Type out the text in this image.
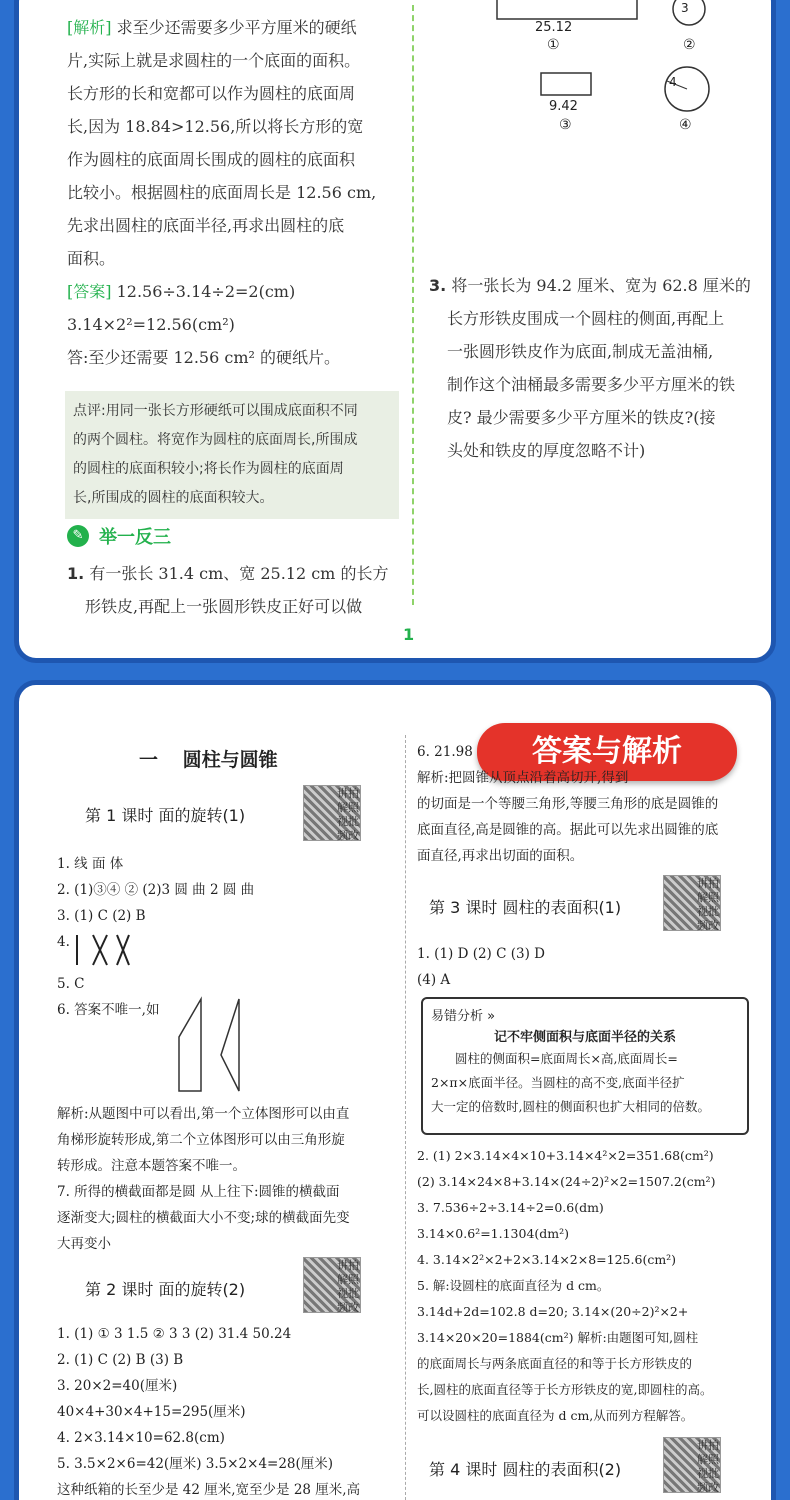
[解析] 求至少还需要多少平方厘米的硬纸
片,实际上就是求圆柱的一个底面的面积。
长方形的长和宽都可以作为圆柱的底面周
长,因为 18.84>12.56,所以将长方形的宽
作为圆柱的底面周长围成的圆柱的底面积
比较小。根据圆柱的底面周长是 12.56 cm,
先求出圆柱的底面半径,再求出圆柱的底
面积。
[答案] 12.56÷3.14÷2=2(cm)
3.14×2²=12.56(cm²)
答:至少还需要 12.56 cm² 的硬纸片。
点评:用同一张长方形硬纸可以围成底面积不同
的两个圆柱。将宽作为圆柱的底面周长,所围成
的圆柱的底面积较小;将长作为圆柱的底面周
长,所围成的圆柱的底面积较大。
✎ 举一反三
1. 有一张长 31.4 cm、宽 25.12 cm 的长方
形铁皮,再配上一张圆形铁皮正好可以做
25.12
①
3
②
9.42
③
4
④
3. 将一张长为 94.2 厘米、宽为 62.8 厘米的
长方形铁皮围成一个圆柱的侧面,再配上
一张圆形铁皮作为底面,制成无盖油桶,
制作这个油桶最多需要多少平方厘米的铁
皮? 最少需要多少平方厘米的铁皮?(接
头处和铁皮的厚度忽略不计)
1
答案与解析
一 圆柱与圆锥
第 1 课时 面的旋转(1)
讲拍解照视批频改
1. 线 面 体
2. (1)③④ ② (2)3 圆 曲 2 圆 曲
3. (1) C (2) B
4.
5. C
6. 答案不唯一,如
解析:从题图中可以看出,第一个立体图形可以由直
角梯形旋转形成,第二个立体图形可以由三角形旋
转形成。注意本题答案不唯一。
7. 所得的横截面都是圆 从上往下:圆锥的横截面
逐渐变大;圆柱的横截面大小不变;球的横截面先变
大再变小
第 2 课时 面的旋转(2)
讲拍解照视批频改
1. (1) ① 3 1.5 ② 3 3 (2) 31.4 50.24
2. (1) C (2) B (3) B
3. 20×2=40(厘米)
40×4+30×4+15=295(厘米)
4. 2×3.14×10=62.8(cm)
5. 3.5×2×6=42(厘米) 3.5×2×4=28(厘米)
这种纸箱的长至少是 42 厘米,宽至少是 28 厘米,高
6. 21.98
解析:把圆锥从顶点沿着高切开,得到
的切面是一个等腰三角形,等腰三角形的底是圆锥的
底面直径,高是圆锥的高。据此可以先求出圆锥的底
面直径,再求出切面的面积。
第 3 课时 圆柱的表面积(1)
讲拍解照视批频改
1. (1) D (2) C (3) D
(4) A
易错分析 »
记不牢侧面积与底面半径的关系
圆柱的侧面积=底面周长×高,底面周长=
2×π×底面半径。当圆柱的高不变,底面半径扩
大一定的倍数时,圆柱的侧面积也扩大相同的倍数。
2. (1) 2×3.14×4×10+3.14×4²×2=351.68(cm²)
(2) 3.14×24×8+3.14×(24÷2)²×2=1507.2(cm²)
3. 7.536÷2÷3.14÷2=0.6(dm)
3.14×0.6²=1.1304(dm²)
4. 3.14×2²×2+2×3.14×2×8=125.6(cm²)
5. 解:设圆柱的底面直径为 d cm。
3.14d+2d=102.8 d=20; 3.14×(20÷2)²×2+
3.14×20×20=1884(cm²) 解析:由题图可知,圆柱
的底面周长与两条底面直径的和等于长方形铁皮的
长,圆柱的底面直径等于长方形铁皮的宽,即圆柱的高。
可以设圆柱的底面直径为 d cm,从而列方程解答。
第 4 课时 圆柱的表面积(2)
讲拍解照视批频改
